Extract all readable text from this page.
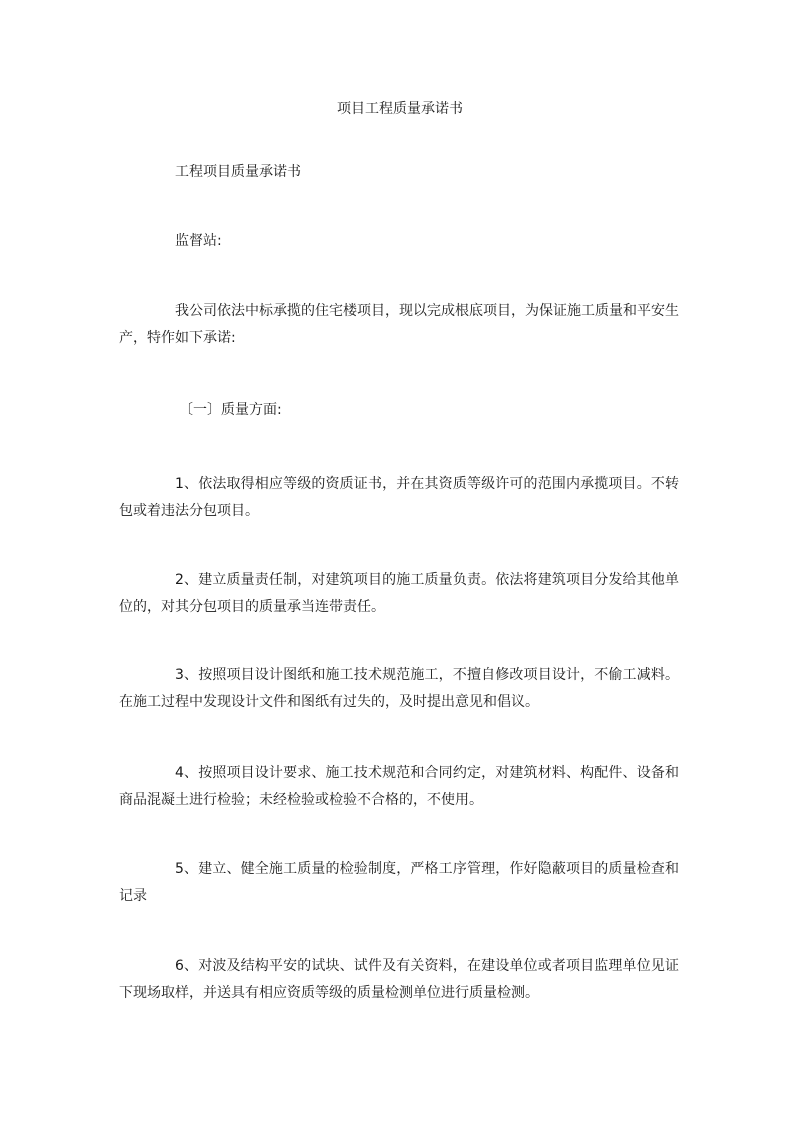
项目工程质量承诺书

工程项目质量承诺书

监督站:

我公司依法中标承揽的住宅楼项目，现以完成根底项目，为保证施工质量和平安生产，特作如下承诺:

〔一〕质量方面:

1、依法取得相应等级的资质证书，并在其资质等级许可的范围内承揽项目。不转包或着违法分包项目。

2、建立质量责任制，对建筑项目的施工质量负责。依法将建筑项目分发给其他单位的，对其分包项目的质量承当连带责任。

3、按照项目设计图纸和施工技术规范施工，不擅自修改项目设计，不偷工减料。在施工过程中发现设计文件和图纸有过失的，及时提出意见和倡议。

4、按照项目设计要求、施工技术规范和合同约定，对建筑材料、构配件、设备和商品混凝土进行检验；未经检验或检验不合格的，不使用。

5、建立、健全施工质量的检验制度，严格工序管理，作好隐蔽项目的质量检查和记录

6、对波及结构平安的试块、试件及有关资料，在建设单位或者项目监理单位见证下现场取样，并送具有相应资质等级的质量检测单位进行质量检测。
